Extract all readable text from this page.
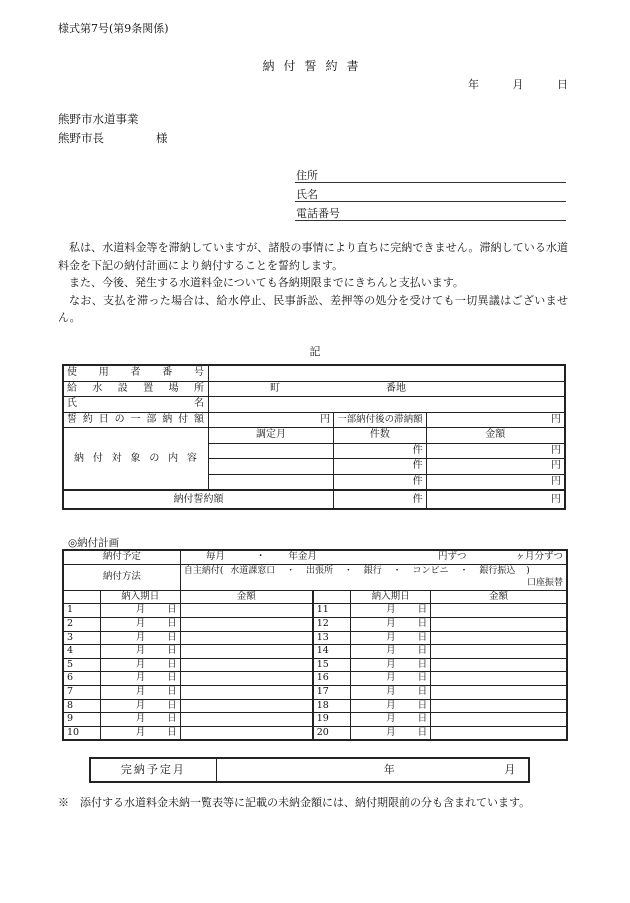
様式第7号(第9条関係)
納付誓約書
年	月	日
熊野市水道事業
熊野市長	様
住所
氏名
電話番号

私は、水道料金等を滞納していますが、諸般の事情により直ちに完納できません。滞納している水道料金を下記の納付計画により納付することを誓約します。

また、今後、発生する水道料金についても各納期限までにきちんと支払います。

なお、支払を滞った場合は、給水停止、民事訴訟、差押等の処分を受けても一切異議はございません。

記
使用者番号			
給水設置場所	町 番地		
氏名			
誓約日の一部納付額	円	一部納付後の滞納額	円
納付対象の内容	調定月	件数	金額
		件	円
		件	円
		件	円
納付誓約額		件	円
◎納付計画
納付予定		毎月 ・ 年金月 円ずつ ヶ月分ずつ			

納付方法		自主納付( 水道課窓口 ・ 出張所 ・ 銀行 ・ コンビニ ・ 銀行振込 )
口座振替			

	納入期日	金額		納入期日	金額
1	月 日		11	月 日	
2	月 日		12	月 日	
3	月 日		13	月 日	
4	月 日		14	月 日	
5	月 日		15	月 日	
6	月 日		16	月 日	
7	月 日		17	月 日	
8	月 日		18	月 日	
9	月 日		19	月 日	
10	月 日		20	月 日	
完納予定月	年	月
※　添付する水道料金未納一覧表等に記載の未納金額には、納付期限前の分も含まれています。
